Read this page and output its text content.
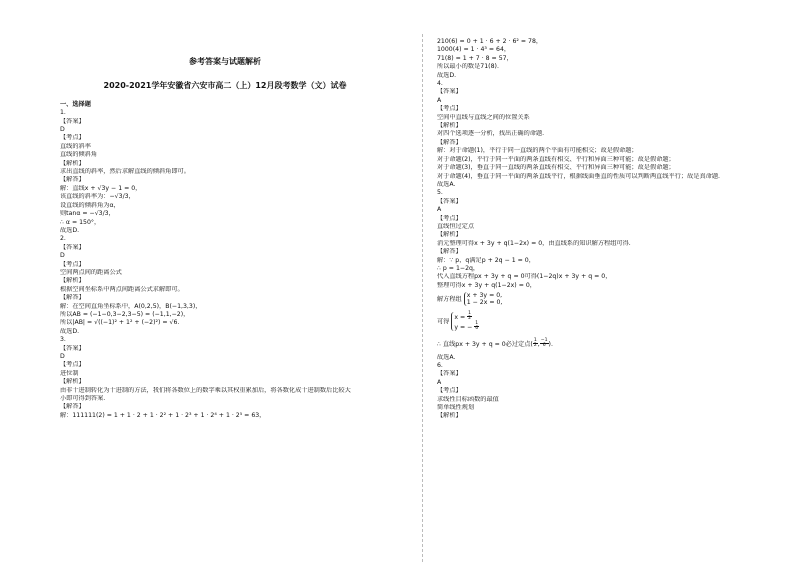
参考答案与试题解析

2020-2021学年安徽省六安市高二（上）12月段考数学（文）试卷

一、选择题
1.
【答案】
D
【考点】
直线的斜率
直线的倾斜角
【解析】
求出直线的斜率，然后求解直线的倾斜角即可。
【解答】
解：直线x + √3y − 1 = 0，
该直线的斜率为：−√3/3，
设直线的倾斜角为α，
则tanα = −√3/3，
∴ α = 150°，
故选D.
2.
【答案】
D
【考点】
空间两点间的距离公式
【解析】
根据空间坐标系中两点间距离公式求解即可。
【解答】
解：在空间直角坐标系中，A(0,2,5)，B(−1,3,3)，
所以AB = (−1−0,3−2,3−5) = (−1,1,−2)，
所以|AB| = √((−1)² + 1² + (−2)²) = √6.
故选D.
3.
【答案】
D
【考点】
进位制
【解析】
由非十进制转化为十进制的方法，我们将各数位上的数字乘以其权重累加后，将各数化成十进制数后比较大
小即可得到答案.
【解答】
解：111111(2) = 1 + 1 · 2 + 1 · 2² + 1 · 2³ + 1 · 2⁴ + 1 · 2⁵ = 63，
210(6) = 0 + 1 · 6 + 2 · 6² = 78，
1000(4) = 1 · 4³ = 64，
71(8) = 1 + 7 · 8 = 57，
所以最小的数是71(8).
故选D.
4.
【答案】
A
【考点】
空间中直线与直线之间的位置关系
【解析】
对四个选项逐一分析，找出正确的命题.
【解答】
解：对于命题(1)，平行于同一直线的两个平面有可能相交；故是假命题；
对于命题(2)，平行于同一平面的两条直线有相交、平行和异面三种可能；故是假命题；
对于命题(3)，垂直于同一直线的两条直线有相交、平行和异面三种可能；故是假命题；
对于命题(4)，垂直于同一平面的两条直线平行，根据线面垂直的性质可以判断两直线平行；故是真命题.
故选A.
5.
【答案】
A
【考点】
直线恒过定点
【解析】
消元整理可得x + 3y + q(1−2x) = 0，由直线系的知识解方程组可得.
【解答】
解：∵ p，q满足p + 2q − 1 = 0，
∴ p = 1−2q，
代入直线方程px + 3y + q = 0可得(1−2q)x + 3y + q = 0，
整理可得x + 3y + q(1−2x) = 0，
解方程组 x + 3y = 0,
1 − 2x = 0,
可得 $x = \frac{1}{2}$
y = − $\frac{1}{6}$
∴ 直线px + 3y + q = 0必过定点$(\frac{1}{2},\frac{-1}{6})$.
故选A.
6.
【答案】
A
【考点】
求线性目标函数的最值
简单线性规划
【解析】
